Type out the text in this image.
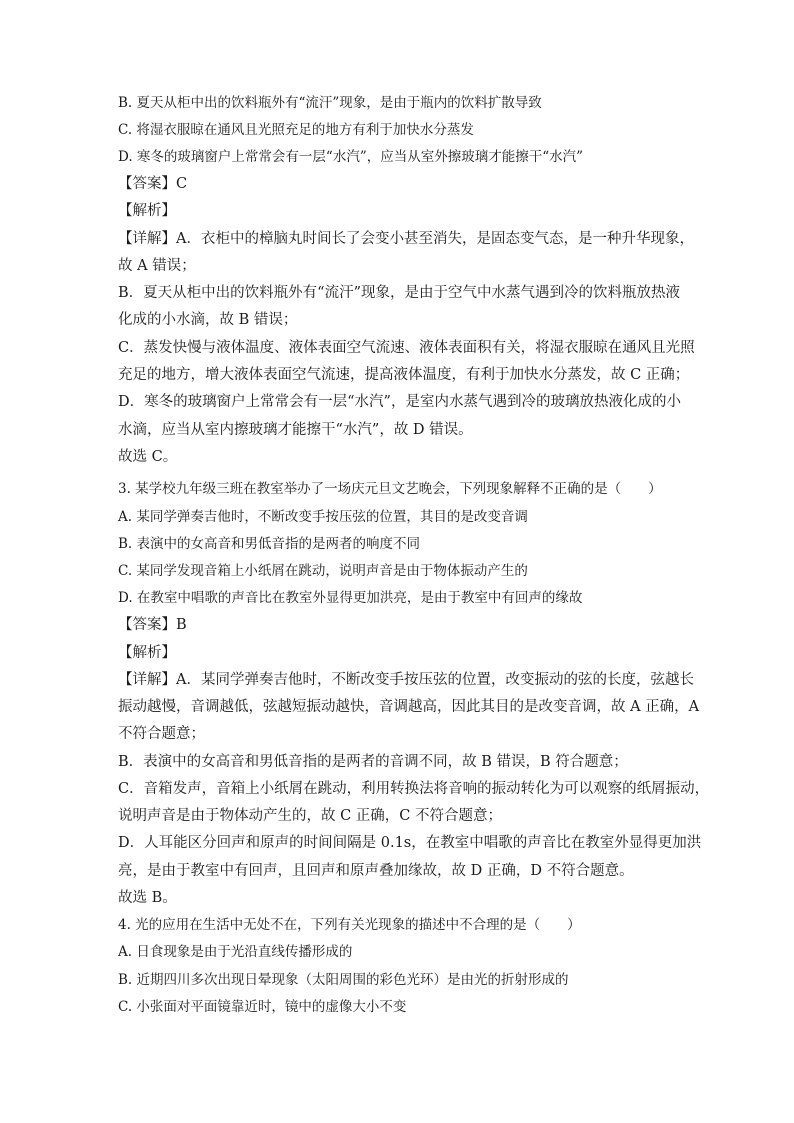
B. 夏天从柜中出的饮料瓶外有“流汗”现象，是由于瓶内的饮料扩散导致
C. 将湿衣服晾在通风且光照充足的地方有利于加快水分蒸发
D. 寒冬的玻璃窗户上常常会有一层“水汽”，应当从室外擦玻璃才能擦干“水汽”
【答案】C
【解析】
【详解】A．衣柜中的樟脑丸时间长了会变小甚至消失，是固态变气态，是一种升华现象，
故 A 错误；
B．夏天从柜中出的饮料瓶外有“流汗”现象，是由于空气中水蒸气遇到冷的饮料瓶放热液
化成的小水滴，故 B 错误；
C．蒸发快慢与液体温度、液体表面空气流速、液体表面积有关，将湿衣服晾在通风且光照
充足的地方，增大液体表面空气流速，提高液体温度，有利于加快水分蒸发，故 C 正确；
D．寒冬的玻璃窗户上常常会有一层“水汽”，是室内水蒸气遇到冷的玻璃放热液化成的小
水滴，应当从室内擦玻璃才能擦干“水汽”，故 D 错误。
故选 C。
3. 某学校九年级三班在教室举办了一场庆元旦文艺晚会，下列现象解释不正确的是（　　）
A. 某同学弹奏吉他时，不断改变手按压弦的位置，其目的是改变音调
B. 表演中的女高音和男低音指的是两者的响度不同
C. 某同学发现音箱上小纸屑在跳动，说明声音是由于物体振动产生的
D. 在教室中唱歌的声音比在教室外显得更加洪亮，是由于教室中有回声的缘故
【答案】B
【解析】
【详解】A．某同学弹奏吉他时，不断改变手按压弦的位置，改变振动的弦的长度，弦越长
振动越慢，音调越低，弦越短振动越快，音调越高，因此其目的是改变音调，故 A 正确，A
不符合题意；
B．表演中的女高音和男低音指的是两者的音调不同，故 B 错误，B 符合题意；
C．音箱发声，音箱上小纸屑在跳动，利用转换法将音响的振动转化为可以观察的纸屑振动，
说明声音是由于物体动产生的，故 C 正确，C 不符合题意；
D．人耳能区分回声和原声的时间间隔是 0.1s，在教室中唱歌的声音比在教室外显得更加洪
亮，是由于教室中有回声，且回声和原声叠加缘故，故 D 正确，D 不符合题意。
故选 B。
4. 光的应用在生活中无处不在，下列有关光现象的描述中不合理的是（　　）
A. 日食现象是由于光沿直线传播形成的
B. 近期四川多次出现日晕现象（太阳周围的彩色光环）是由光的折射形成的
C. 小张面对平面镜靠近时，镜中的虚像大小不变
